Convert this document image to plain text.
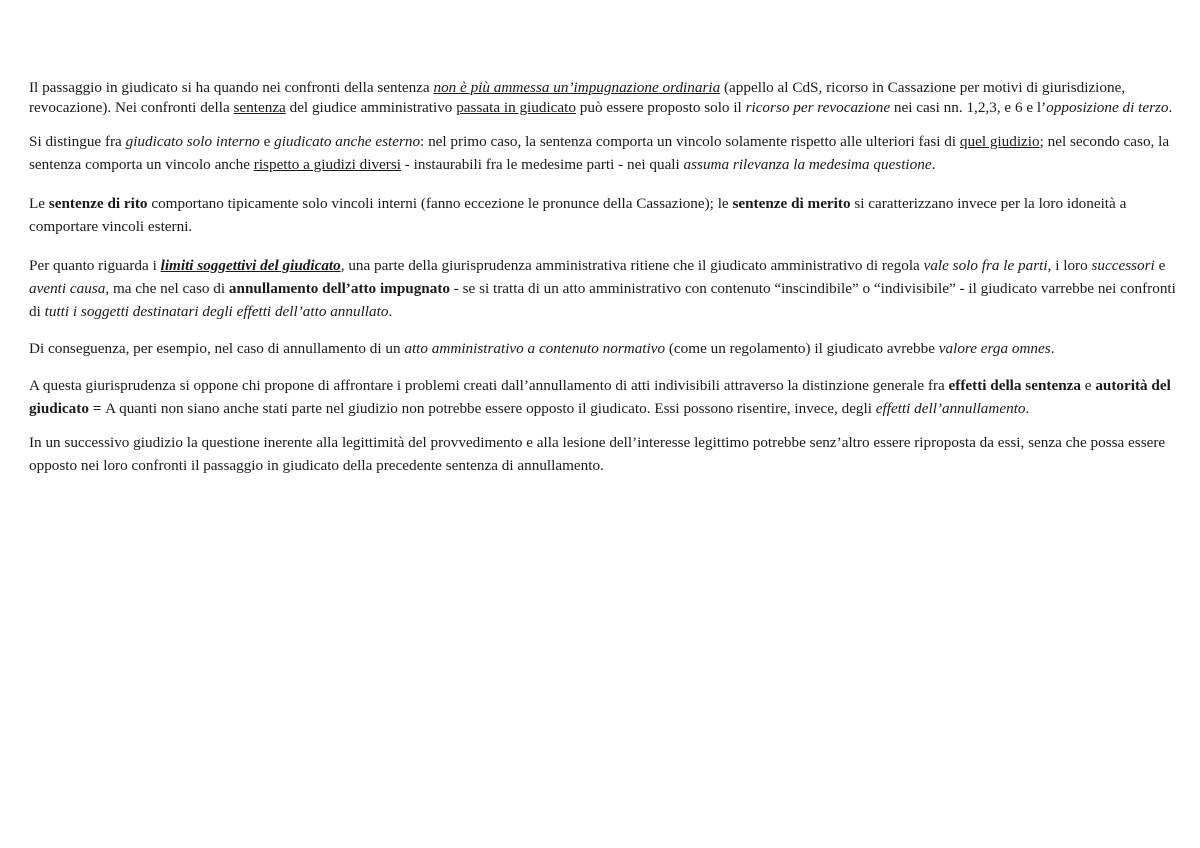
Il passaggio in giudicato si ha quando nei confronti della sentenza non è più ammessa un’impugnazione ordinaria (appello al CdS, ricorso in Cassazione per motivi di giurisdizione, revocazione). Nei confronti della sentenza del giudice amministrativo passata in giudicato può essere proposto solo il ricorso per revocazione nei casi nn. 1,2,3, e 6 e l’opposizione di terzo.

Si distingue fra giudicato solo interno e giudicato anche esterno: nel primo caso, la sentenza comporta un vincolo solamente rispetto alle ulteriori fasi di quel giudizio; nel secondo caso, la sentenza comporta un vincolo anche rispetto a giudizi diversi - instaurabili fra le medesime parti - nei quali assuma rilevanza la medesima questione.

Le sentenze di rito comportano tipicamente solo vincoli interni (fanno eccezione le pronunce della Cassazione); le sentenze di merito si caratterizzano invece per la loro idoneità a comportare vincoli esterni.

Per quanto riguarda i limiti soggettivi del giudicato, una parte della giurisprudenza amministrativa ritiene che il giudicato amministrativo di regola vale solo fra le parti, i loro successori e aventi causa, ma che nel caso di annullamento dell’atto impugnato - se si tratta di un atto amministrativo con contenuto “inscindibile” o “indivisibile” - il giudicato varrebbe nei confronti di tutti i soggetti destinatari degli effetti dell’atto annullato.

Di conseguenza, per esempio, nel caso di annullamento di un atto amministrativo a contenuto normativo (come un regolamento) il giudicato avrebbe valore erga omnes.

A questa giurisprudenza si oppone chi propone di affrontare i problemi creati dall’annullamento di atti indivisibili attraverso la distinzione generale fra effetti della sentenza e autorità del giudicato = A quanti non siano anche stati parte nel giudizio non potrebbe essere opposto il giudicato. Essi possono risentire, invece, degli effetti dell’annullamento.

In un successivo giudizio la questione inerente alla legittimità del provvedimento e alla lesione dell’interesse legittimo potrebbe senz’altro essere riproposta da essi, senza che possa essere opposto nei loro confronti il passaggio in giudicato della precedente sentenza di annullamento.
